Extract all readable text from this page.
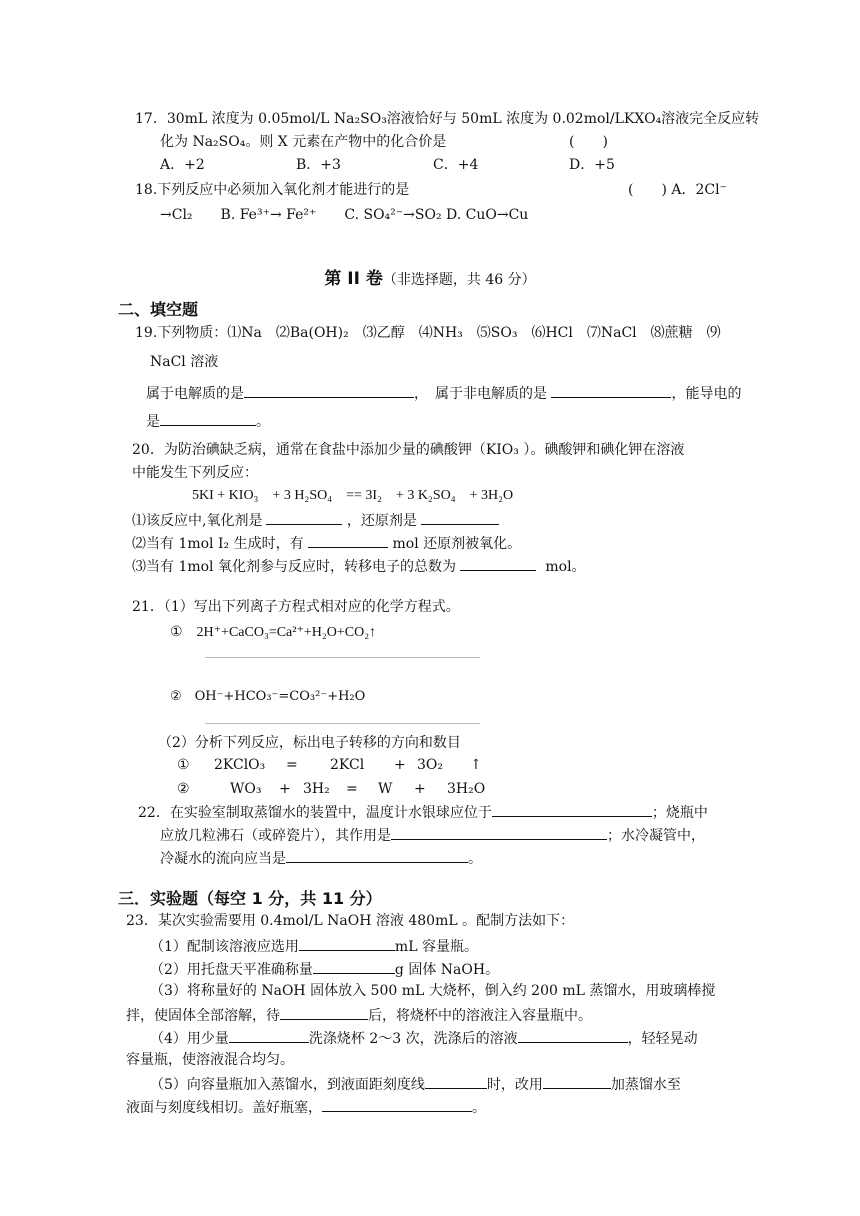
17．30mL 浓度为 0.05mol/L Na₂SO₃溶液恰好与 50mL 浓度为 0.02mol/LKXO₄溶液完全反应转
化为 Na₂SO₄。则 X 元素在产物中的化合价是	(　　)
A．+2	B．+3	C．+4	D．+5
18.下列反应中必须加入氧化剂才能进行的是	(　　) A．2Cl⁻
→Cl₂　　B. Fe³⁺→ Fe²⁺　　C. SO₄²⁻→SO₂ D. CuO→Cu
第 II 卷（非选择题，共 46 分）
二、填空题
19.下列物质：⑴Na　⑵Ba(OH)₂　⑶乙醇　⑷NH₃　⑸SO₃　⑹HCl　⑺NaCl　⑻蔗糖　⑼
NaCl 溶液
属于电解质的是	，　属于非电解质的是	，能导电的
是	。
20．为防治碘缺乏病，通常在食盐中添加少量的碘酸钾（KIO₃ ）。碘酸钾和碘化钾在溶液
中能发生下列反应：
5KI + KIO₃　+ 3 H₂SO₄　== 3I₂　+ 3 K₂SO₄　+ 3H₂O
⑴该反应中,氧化剂是	，还原剂是
⑵当有 1mol I₂ 生成时，有	mol 还原剂被氧化。
⑶当有 1mol 氧化剂参与反应时，转移电子的总数为	mol。
21．（1）写出下列离子方程式相对应的化学方程式。
①　2H⁺+CaCO₃=Ca²⁺+H₂O+CO₂↑
②　OH⁻+HCO₃⁻=CO₃²⁻+H₂O
（2）分析下列反应，标出电子转移的方向和数目
① 2KClO₃ = 2KCl + 3O₂ ↑
②	WO₃ + 3H₂ = W + 3H₂O
22．在实验室制取蒸馏水的装置中，温度计水银球应位于	；烧瓶中
应放几粒沸石（或碎瓷片），其作用是	；水冷凝管中，
冷凝水的流向应当是	。
三．实验题（每空 1 分，共 11 分）
23．某次实验需要用 0.4mol/L NaOH 溶液 480mL 。配制方法如下：
（1）配制该溶液应选用	mL 容量瓶。
（2）用托盘天平准确称量	g 固体 NaOH。
（3）将称量好的 NaOH 固体放入 500 mL 大烧杯，倒入约 200 mL 蒸馏水，用玻璃棒搅
拌，使固体全部溶解，待	后，将烧杯中的溶液注入容量瓶中。
（4）用少量	洗涤烧杯 2～3 次，洗涤后的溶液	，轻轻晃动
容量瓶，使溶液混合均匀。
（5）向容量瓶加入蒸馏水，到液面距刻度线	时，改用	加蒸馏水至
液面与刻度线相切。盖好瓶塞，	。
